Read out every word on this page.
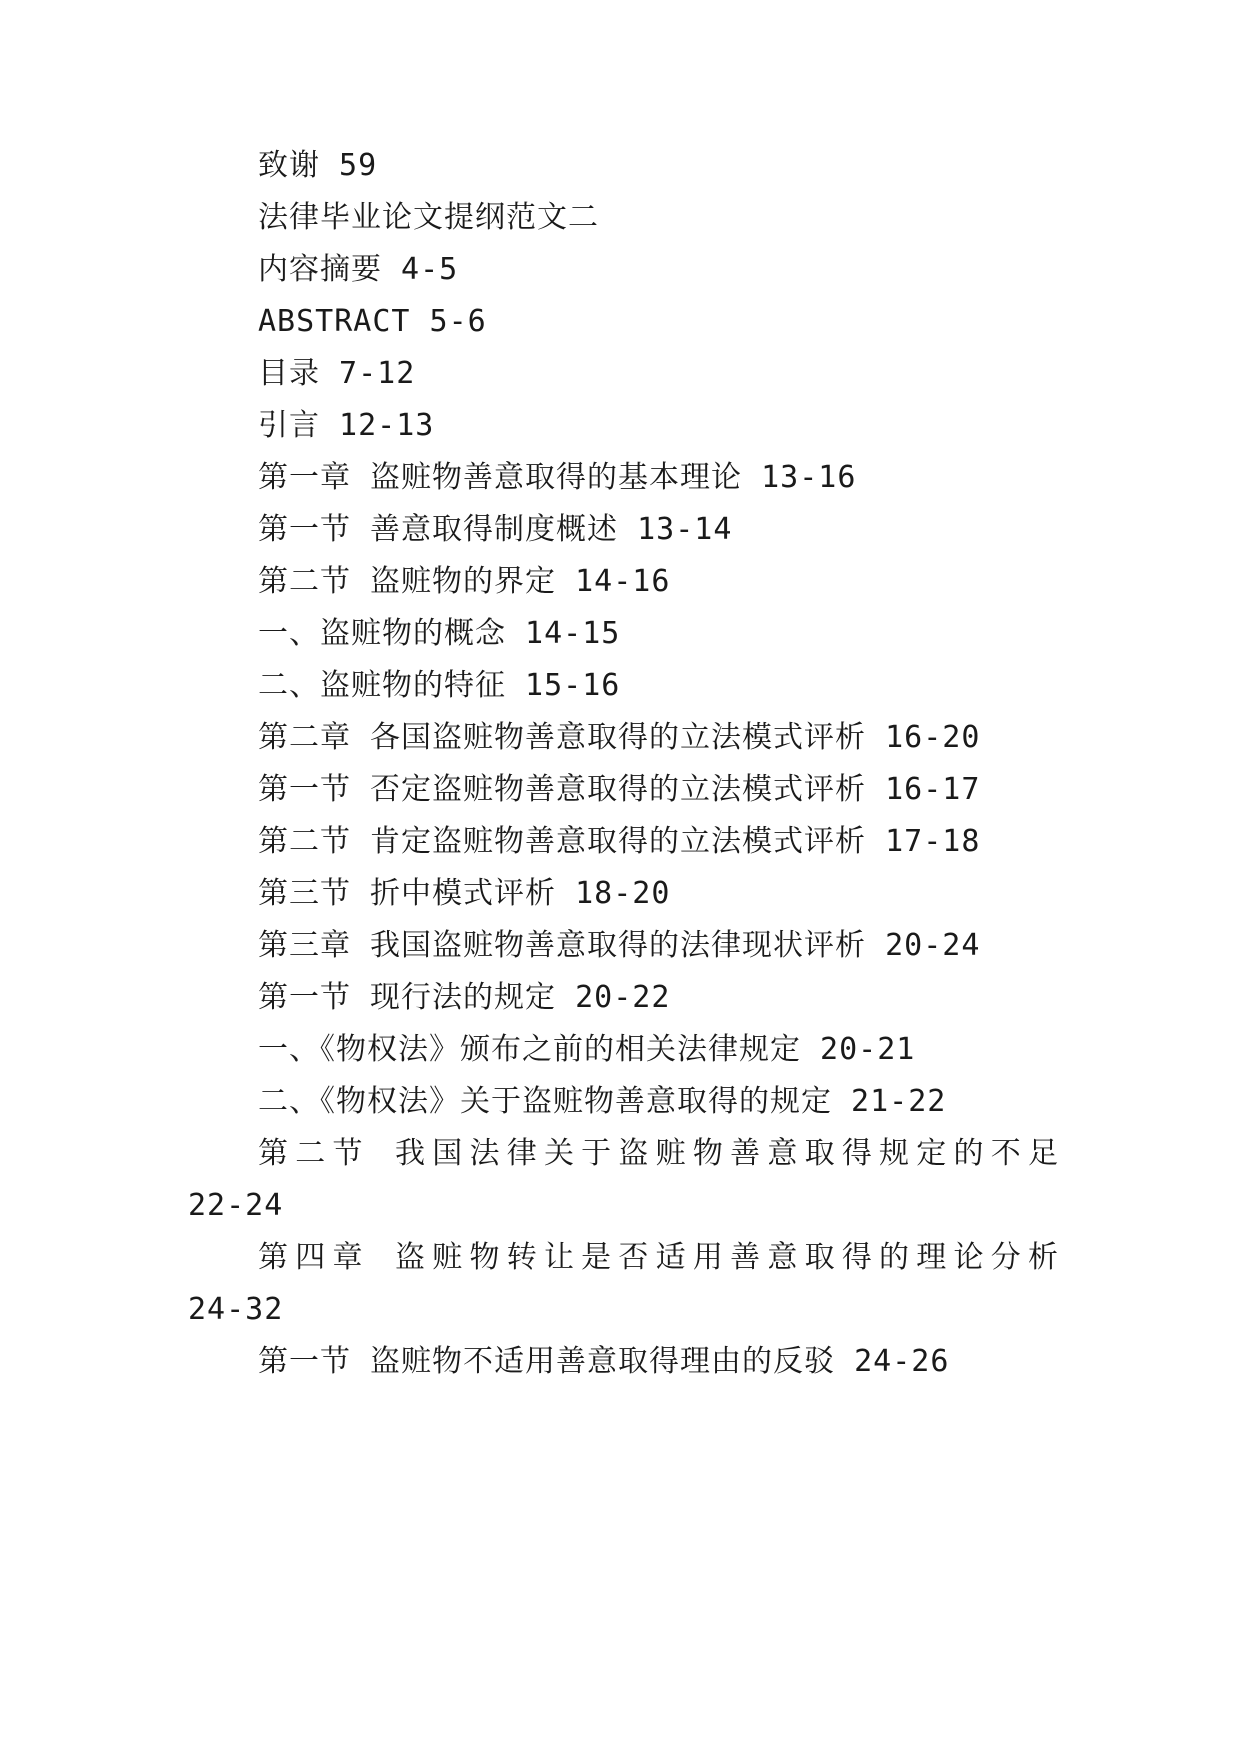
致谢 59
法律毕业论文提纲范文二
内容摘要 4-5
ABSTRACT 5-6
目录 7-12
引言 12-13
第一章 盗赃物善意取得的基本理论 13-16
第一节 善意取得制度概述 13-14
第二节 盗赃物的界定 14-16
一、盗赃物的概念 14-15
二、盗赃物的特征 15-16
第二章 各国盗赃物善意取得的立法模式评析 16-20
第一节 否定盗赃物善意取得的立法模式评析 16-17
第二节 肯定盗赃物善意取得的立法模式评析 17-18
第三节 折中模式评析 18-20
第三章 我国盗赃物善意取得的法律现状评析 20-24
第一节 现行法的规定 20-22
一、《物权法》颁布之前的相关法律规定 20-21
二、《物权法》关于盗赃物善意取得的规定 21-22
第 二 节
我 国 法 律 关 于 盗 赃 物 善 意 取 得 规 定 的 不 足
22-24
第 四 章
盗 赃 物 转 让 是 否 适 用 善 意 取 得 的 理 论 分 析
24-32
第一节 盗赃物不适用善意取得理由的反驳 24-26
